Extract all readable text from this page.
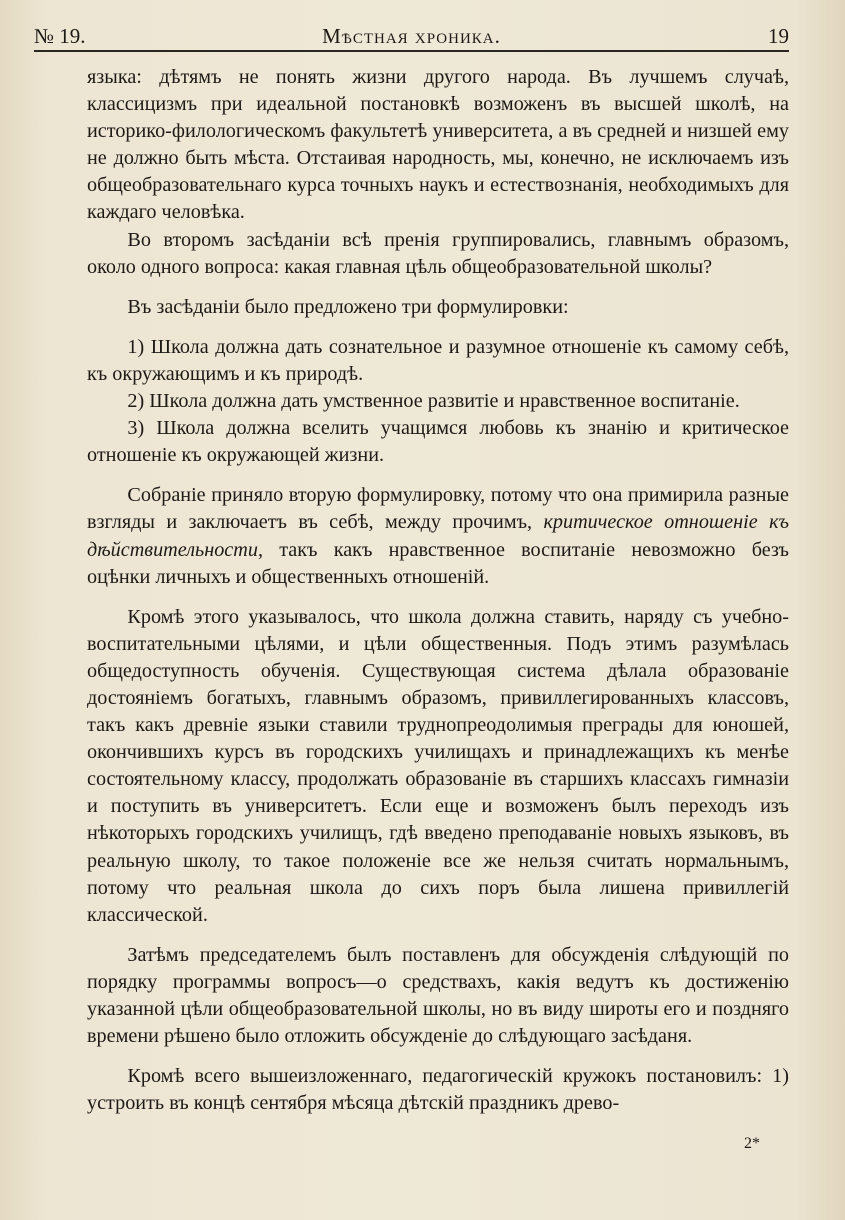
№ 19.	Мѣстная хроника.	19

языка: дѣтямъ не понять жизни другого народа. Въ лучшемъ случаѣ, классицизмъ при идеальной постановкѣ возможенъ въ высшей школѣ, на историко-филологическомъ факультетѣ университета, а въ средней и низшей ему не должно быть мѣста. Отстаивая народность, мы, конечно, не исключаемъ изъ общеобразовательнаго курса точныхъ наукъ и естествознанія, необходимыхъ для каждаго человѣка.

Во второмъ засѣданіи всѣ пренія группировались, главнымъ образомъ, около одного вопроса: какая главная цѣль общеобразовательной школы?

Въ засѣданіи было предложено три формулировки:

1) Школа должна дать сознательное и разумное отношеніе къ самому себѣ, къ окружающимъ и къ природѣ.

2) Школа должна дать умственное развитіе и нравственное воспитаніе.

3) Школа должна вселить учащимся любовь къ знанію и критическое отношеніе къ окружающей жизни.

Собраніе приняло вторую формулировку, потому что она примирила разные взгляды и заключаетъ въ себѣ, между прочимъ, критическое отношеніе къ дѣйствительности, такъ какъ нравственное воспитаніе невозможно безъ оцѣнки личныхъ и общественныхъ отношеній.

Кромѣ этого указывалось, что школа должна ставить, наряду съ учебно-воспитательными цѣлями, и цѣли общественныя. Подъ этимъ разумѣлась общедоступность обученія. Существующая система дѣлала образованіе достояніемъ богатыхъ, главнымъ образомъ, привиллегированныхъ классовъ, такъ какъ древніе языки ставили труднопреодолимыя преграды для юношей, окончившихъ курсъ въ городскихъ училищахъ и принадлежащихъ къ менѣе состоятельному классу, продолжать образованіе въ старшихъ классахъ гимназіи и поступить въ университетъ. Если еще и возможенъ былъ переходъ изъ нѣкоторыхъ городскихъ училищъ, гдѣ введено преподаваніе новыхъ языковъ, въ реальную школу, то такое положеніе все же нельзя считать нормальнымъ, потому что реальная школа до сихъ поръ была лишена привиллегій классической.

Затѣмъ председателемъ былъ поставленъ для обсужденія слѣдующій по порядку программы вопросъ—о средствахъ, какія ведутъ къ достиженію указанной цѣли общеобразовательной школы, но въ виду широты его и поздняго времени рѣшено было отложить обсужденіе до слѣдующаго засѣданя.

Кромѣ всего вышеизложеннаго, педагогическій кружокъ постановилъ: 1) устроить въ концѣ сентября мѣсяца дѣтскій праздникъ древо-

2*
